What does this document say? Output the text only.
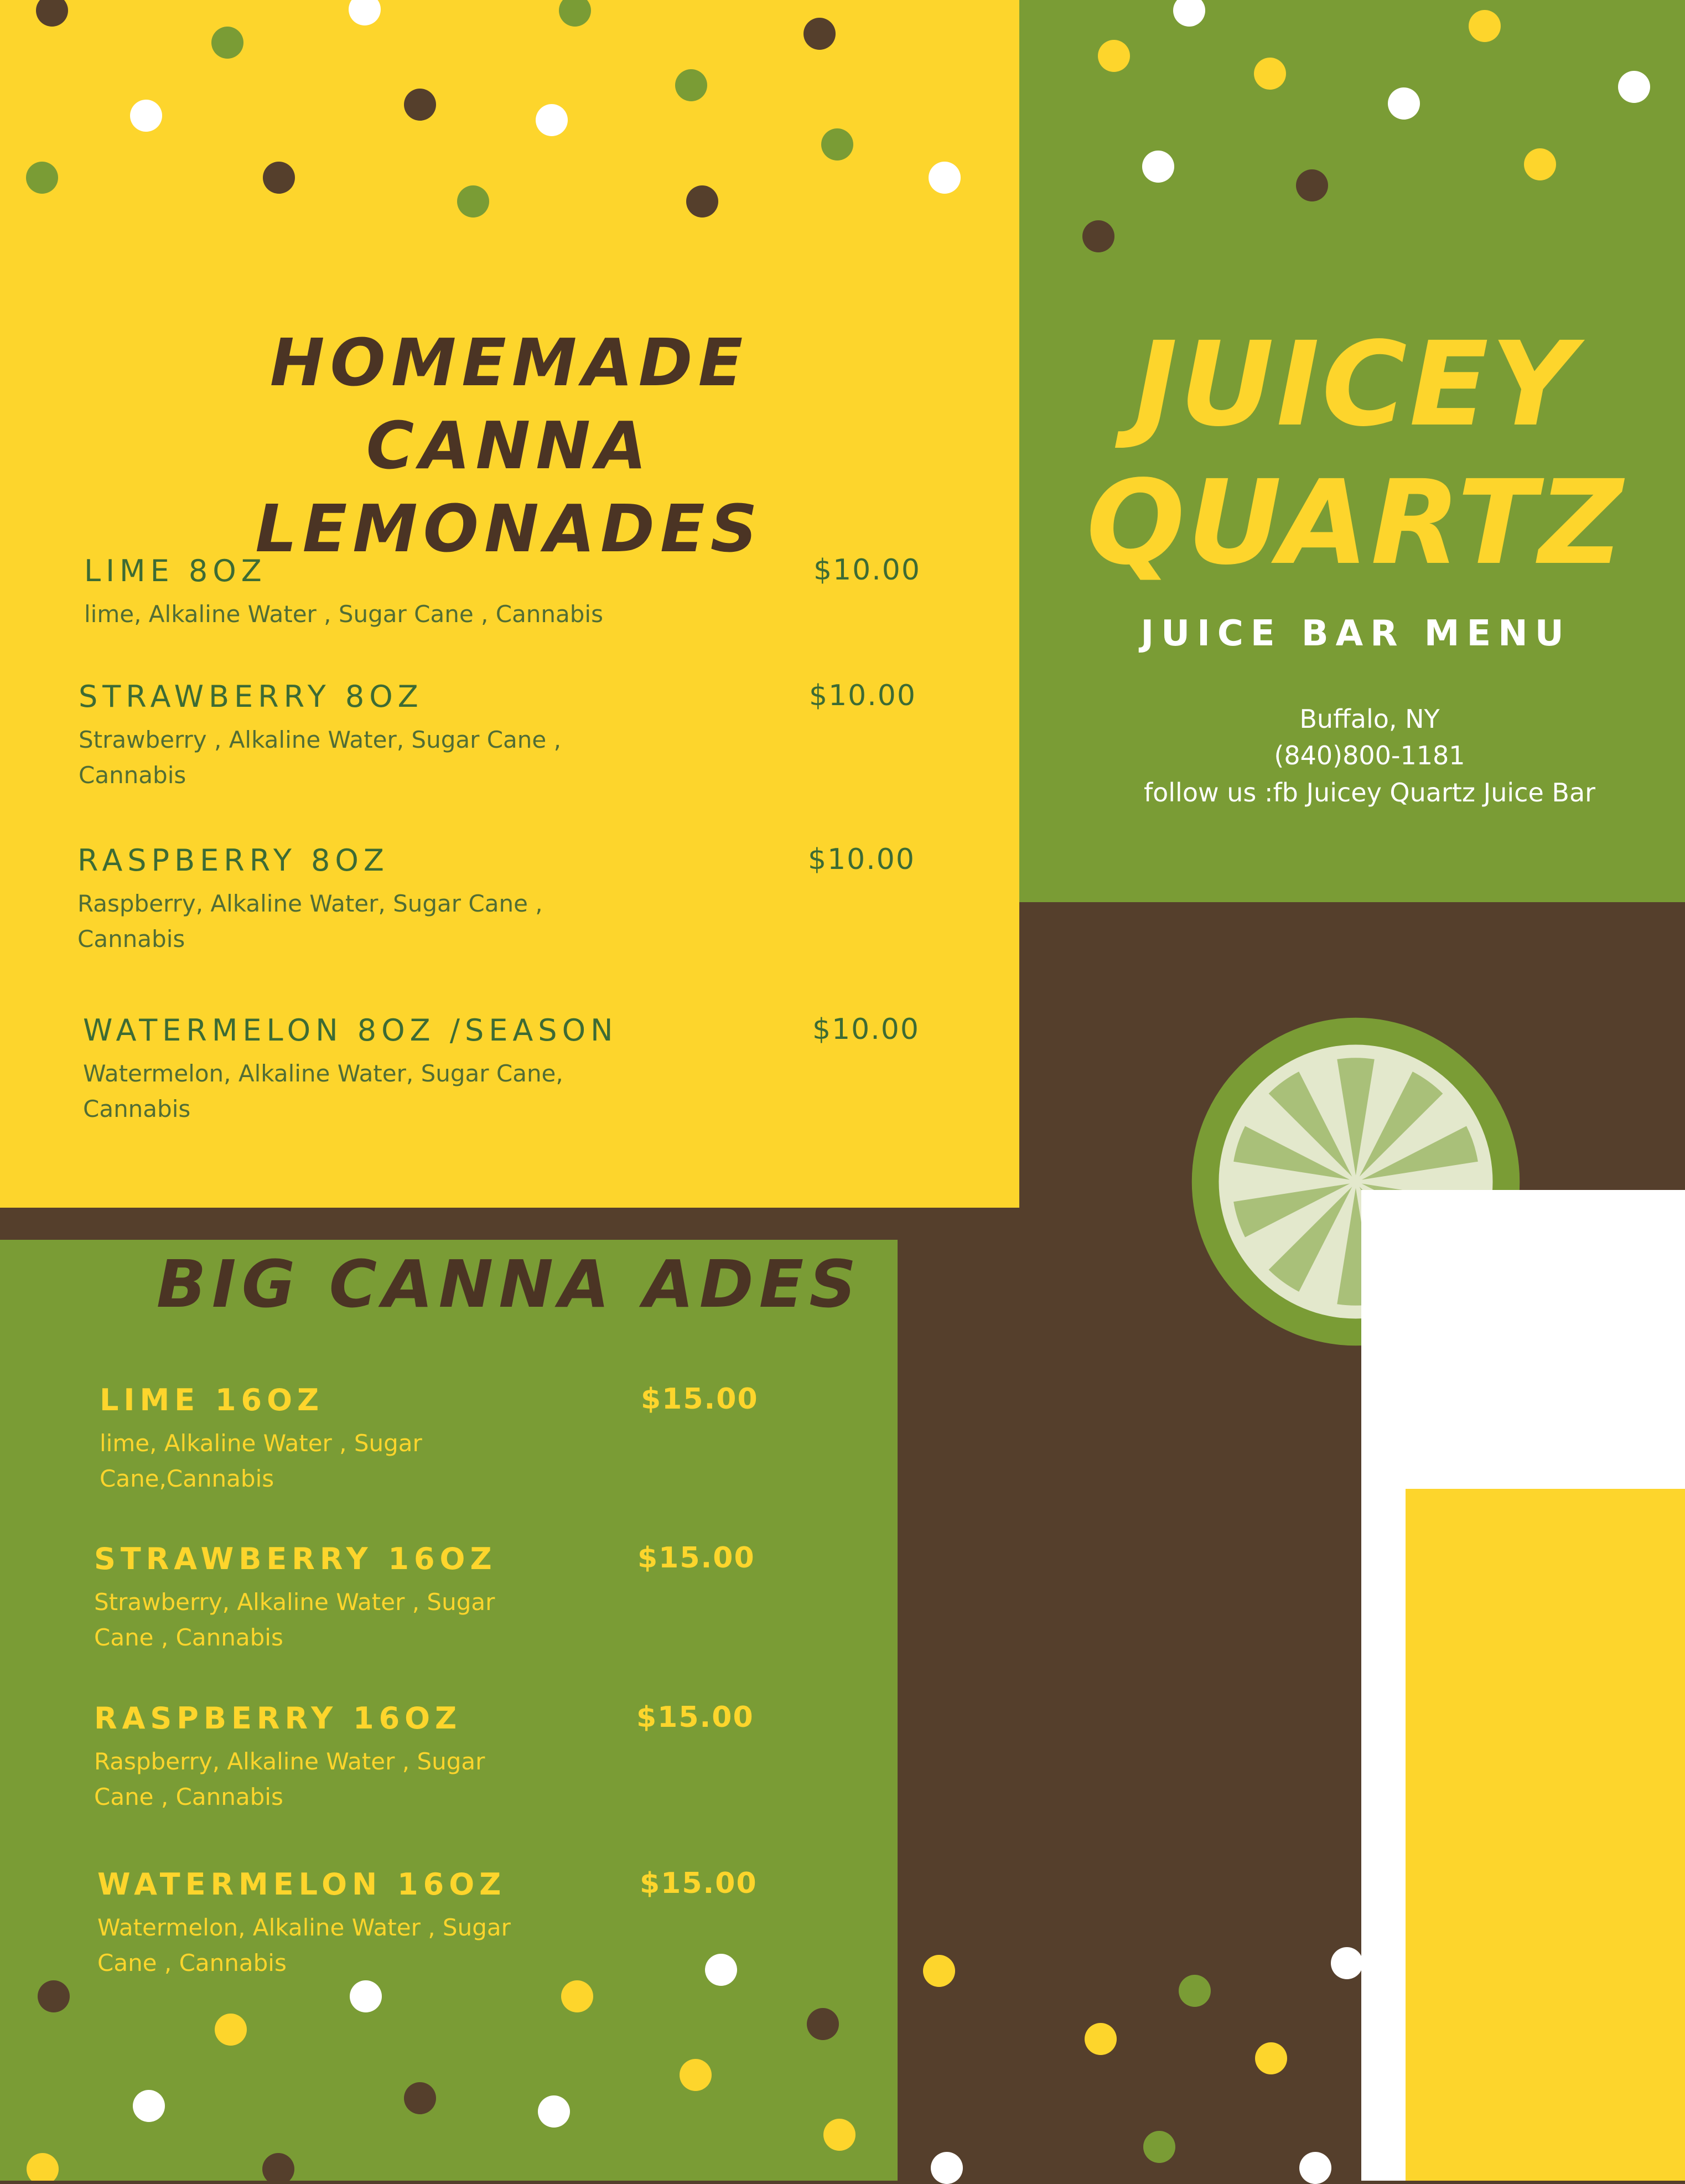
HOMEMADE CANNA
LEMONADES
LIME 8OZ	$10.00
lime, Alkaline Water , Sugar Cane , Cannabis
STRAWBERRY 8OZ	$10.00
Strawberry , Alkaline Water, Sugar Cane ,
Cannabis
RASPBERRY 8OZ	$10.00
Raspberry, Alkaline Water, Sugar Cane ,
Cannabis
WATERMELON 8OZ /SEASON	$10.00
Watermelon, Alkaline Water, Sugar Cane,
Cannabis
JUICEY
QUARTZ
JUICE BAR MENU
Buffalo, NY
(840)800-1181
follow us :fb Juicey Quartz Juice Bar
LIME 16OZ	$15.00
lime, Alkaline Water , Sugar
Cane,Cannabis
STRAWBERRY 16OZ	$15.00
Strawberry, Alkaline Water , Sugar
Cane , Cannabis
RASPBERRY 16OZ	$15.00
Raspberry, Alkaline Water , Sugar
Cane , Cannabis
WATERMELON 16OZ	$15.00
Watermelon, Alkaline Water , Sugar
Cane , Cannabis
BIG CANNA ADES
